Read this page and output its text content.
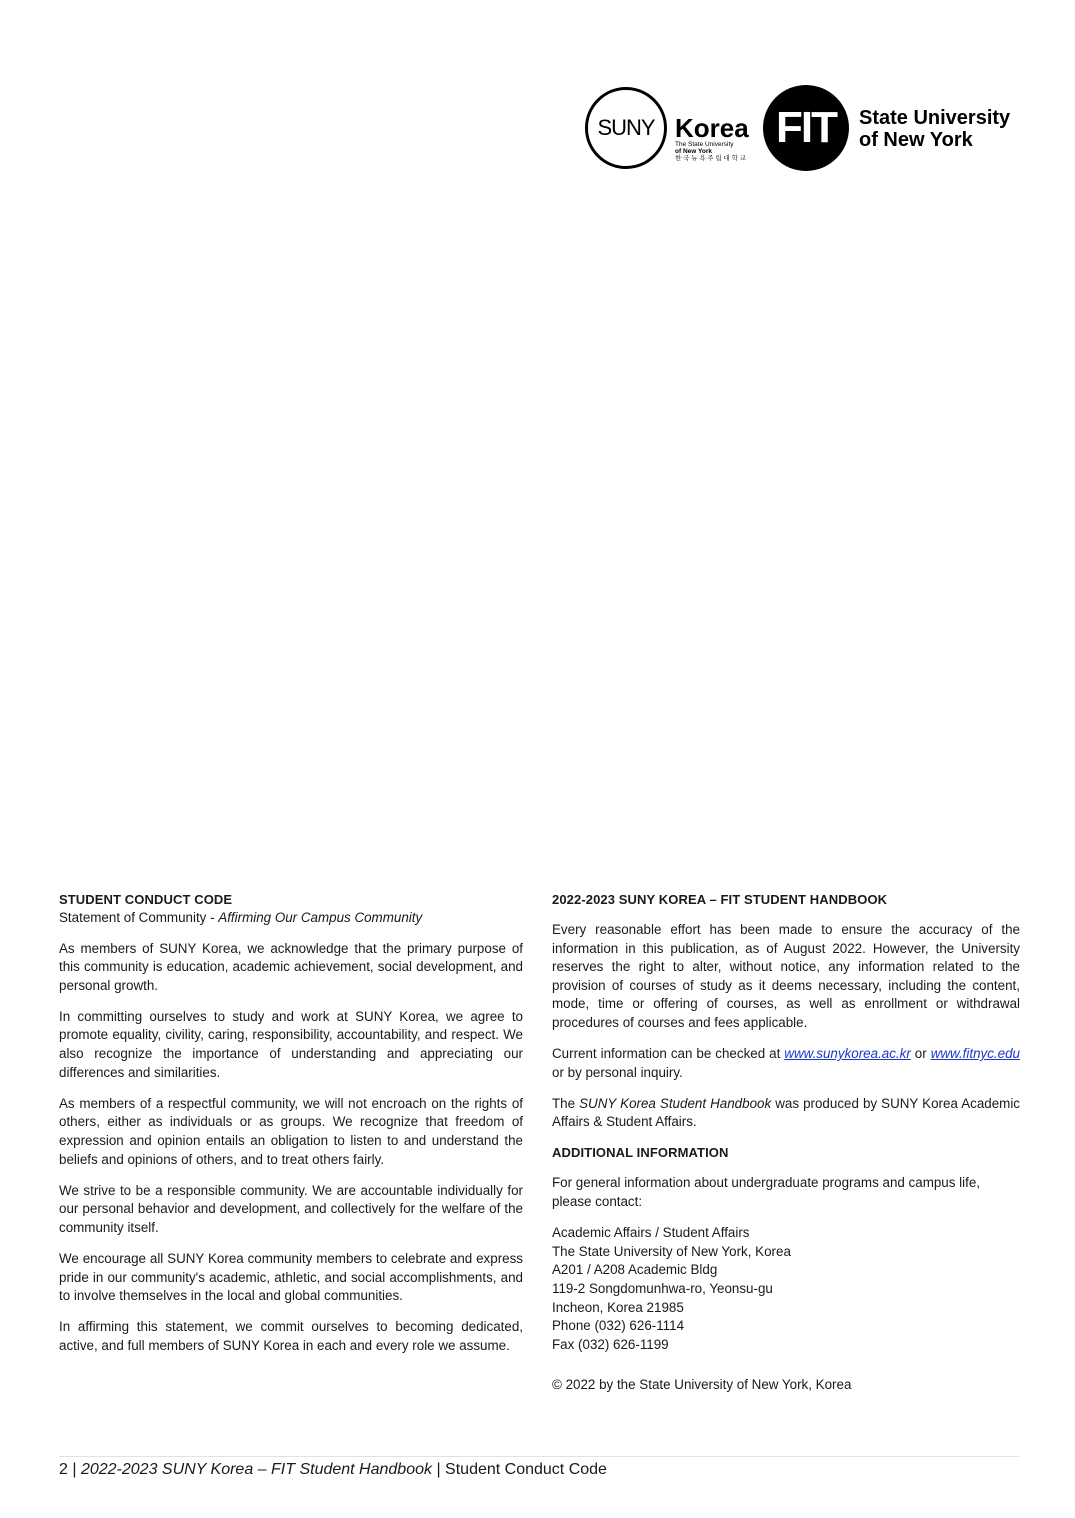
SUNY Korea
The State University
of New York
한 국 뉴 욕 주 립 대 학 교
FIT State University
of New York
STUDENT CONDUCT CODE
Statement of Community - Affirming Our Campus Community

As members of SUNY Korea, we acknowledge that the primary purpose of this community is education, academic achievement, social development, and personal growth.

In committing ourselves to study and work at SUNY Korea, we agree to promote equality, civility, caring, responsibility, accountability, and respect. We also recognize the importance of understanding and appreciating our differences and similarities.

As members of a respectful community, we will not encroach on the rights of others, either as individuals or as groups. We recognize that freedom of expression and opinion entails an obligation to listen to and understand the beliefs and opinions of others, and to treat others fairly.

We strive to be a responsible community. We are accountable individually for our personal behavior and development, and collectively for the welfare of the community itself.

We encourage all SUNY Korea community members to celebrate and express pride in our community's academic, athletic, and social accomplishments, and to involve themselves in the local and global communities.

In affirming this statement, we commit ourselves to becoming dedicated, active, and full members of SUNY Korea in each and every role we assume.

2022-2023 SUNY KOREA – FIT STUDENT HANDBOOK

Every reasonable effort has been made to ensure the accuracy of the information in this publication, as of August 2022. However, the University reserves the right to alter, without notice, any information related to the provision of courses of study as it deems necessary, including the content, mode, time or offering of courses, as well as enrollment or withdrawal procedures of courses and fees applicable.

Current information can be checked at www.sunykorea.ac.kr or www.fitnyc.edu or by personal inquiry.

The SUNY Korea Student Handbook was produced by SUNY Korea Academic Affairs & Student Affairs.

ADDITIONAL INFORMATION

For general information about undergraduate programs and campus life, please contact:

Academic Affairs / Student Affairs
The State University of New York, Korea
A201 / A208 Academic Bldg
119-2 Songdomunhwa-ro, Yeonsu-gu
Incheon, Korea 21985
Phone (032) 626-1114
Fax (032) 626-1199

© 2022 by the State University of New York, Korea

2 | 2022-2023 SUNY Korea – FIT Student Handbook | Student Conduct Code
